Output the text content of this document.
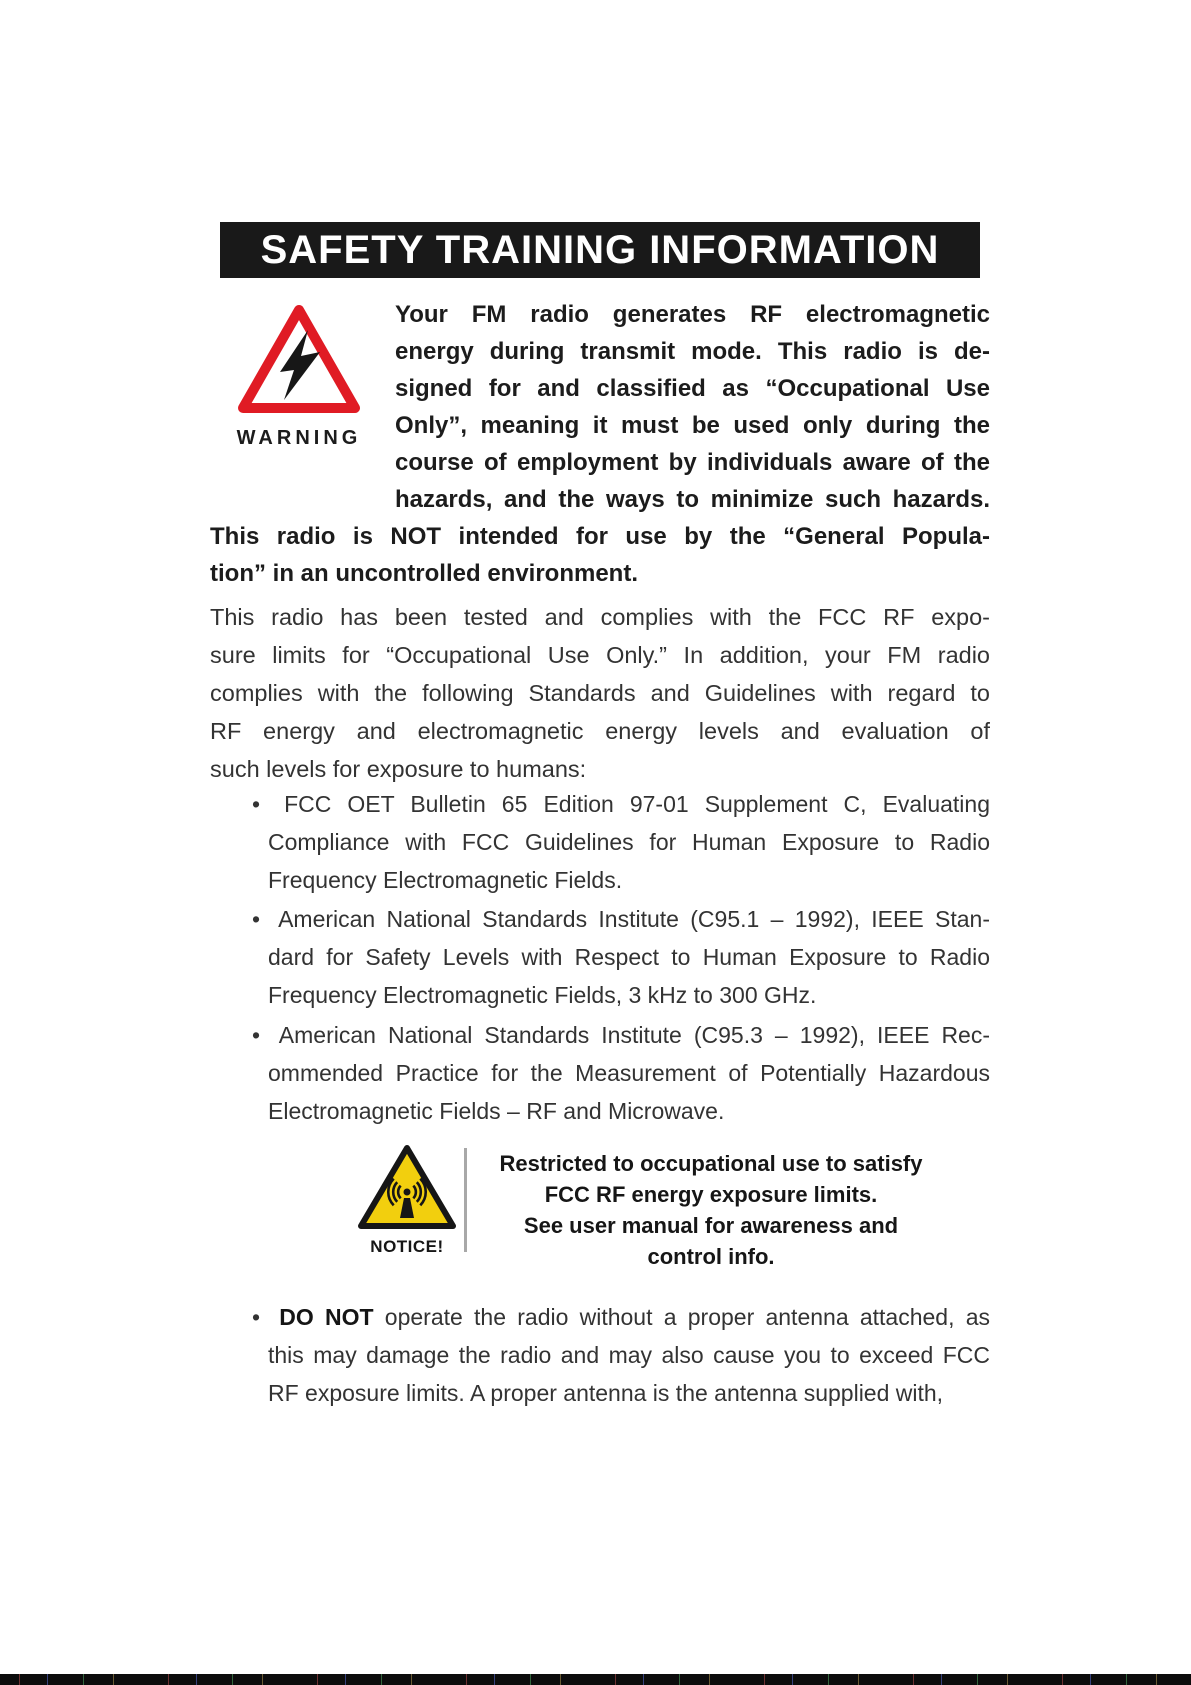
SAFETY TRAINING INFORMATION
WARNING
Your FM radio generates RF electromagnetic
energy during transmit mode. This radio is de-
signed for and classified as “Occupational Use
Only”, meaning it must be used only during the
course of employment by individuals aware of the
hazards, and the ways to minimize such hazards.
This radio is NOT intended for use by the “General Popula-
tion” in an uncontrolled environment.
This radio has been tested and complies with the FCC RF expo-
sure limits for “Occupational Use Only.” In addition, your FM radio
complies with the following Standards and Guidelines with regard to
RF energy and electromagnetic energy levels and evaluation of
such levels for exposure to humans:
• FCC OET Bulletin 65 Edition 97-01 Supplement C, Evaluating
Compliance with FCC Guidelines for Human Exposure to Radio
Frequency Electromagnetic Fields.
• American National Standards Institute (C95.1 – 1992), IEEE Stan-
dard for Safety Levels with Respect to Human Exposure to Radio
Frequency Electromagnetic Fields, 3 kHz to 300 GHz.
• American National Standards Institute (C95.3 – 1992), IEEE Rec-
ommended Practice for the Measurement of Potentially Hazardous
Electromagnetic Fields – RF and Microwave.
NOTICE!
Restricted to occupational use to satisfy
FCC RF energy exposure limits.
See user manual for awareness and
control info.
• DO NOT operate the radio without a proper antenna attached, as
this may damage the radio and may also cause you to exceed FCC
RF exposure limits. A proper antenna is the antenna supplied with,
